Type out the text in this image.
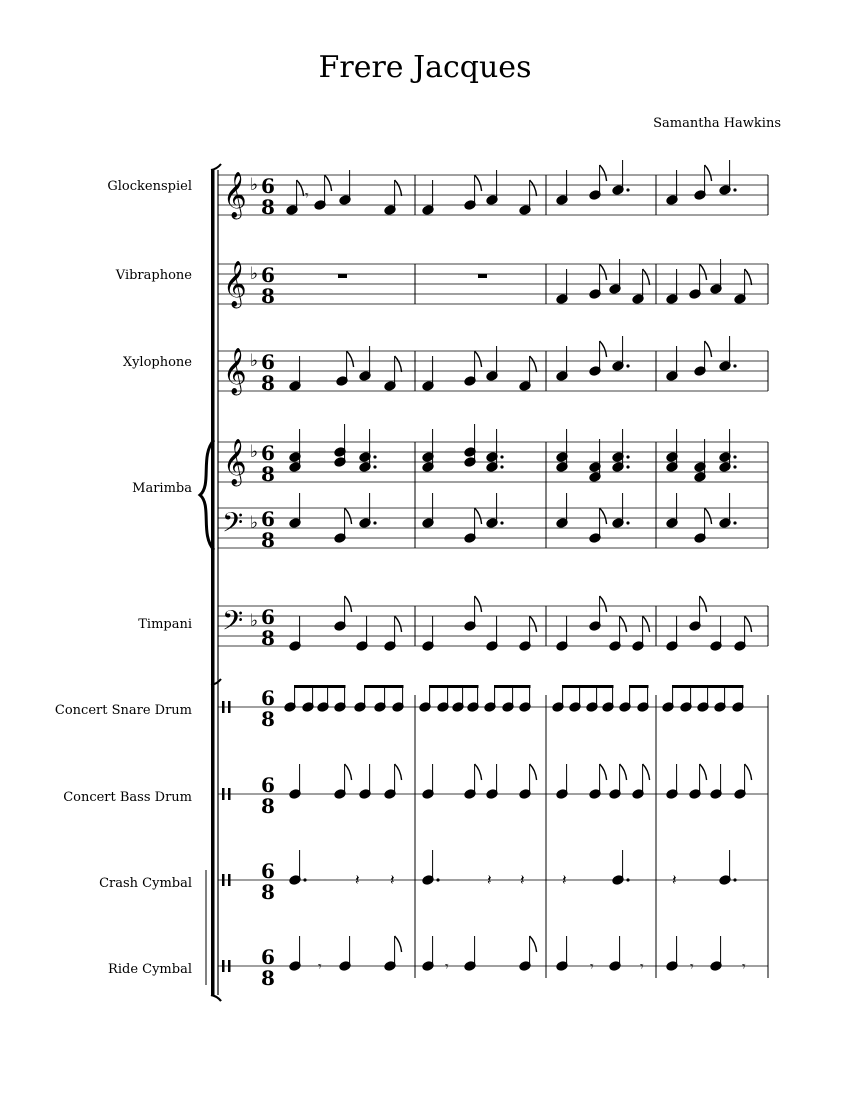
Frere Jacques
Samantha Hawkins
Glockenspiel
Vibraphone
Xylophone
Marimba
Timpani
Concert Snare Drum
Concert Bass Drum
Crash Cymbal
Ride Cymbal
𝄞 ♭ 6
8
𝄞 ♭ 6
8
𝄞 ♭ 6
8
𝄾
𝄞
𝄢
♭
♭
6
8
6
8
𝄢 ♭ 6
8
6
8
6
8
6
8
6
8
𝄽 𝄽	𝄽 𝄽 𝄽	𝄽
𝄾	𝄾	𝄾	𝄾	𝄾	𝄾
